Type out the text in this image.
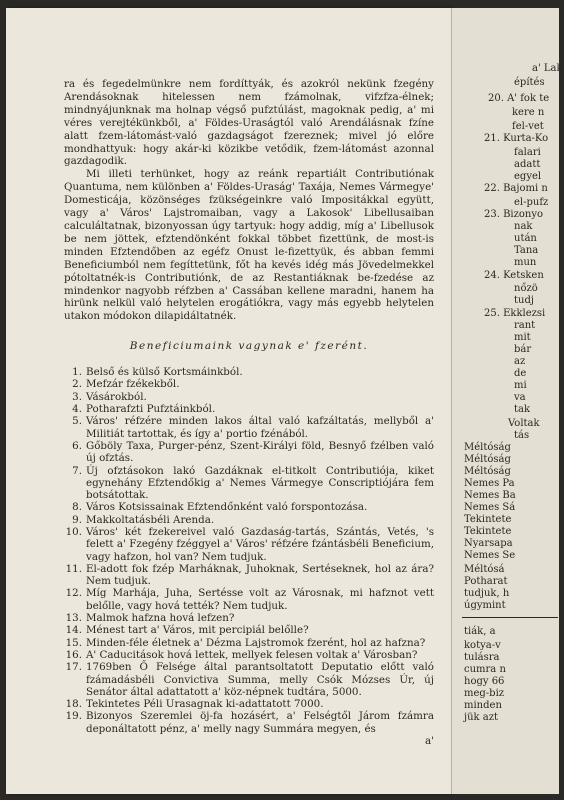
ra és fegedelmünkre nem fordíttyák, és azokról nekünk fzegény Arendásoknak hitelessen nem fzámolnak, vifzfza-élnek; mindnyájunknak ma holnap végső pufztúlást, magoknak pedig, a' mi véres verejtékünkből, a' Földes-Uraságtól való Arendálásnak fzíne alatt fzem-látomást-való gazdagságot fzereznek; mivel jó előre mondhattyuk: hogy akár-ki közikbe vetődik, fzem-látomást azonnal gazdagodik.

Mi illeti terhünket, hogy az reánk repartiált Contributiónak Quantuma, nem különben a' Földes-Uraság' Taxája, Nemes Vármegye' Domesticája, közönséges fzükségeinkre való Impositákkal együtt, vagy a' Város' Lajstromaiban, vagy a Lakosok' Libellusaiban calculáltatnak, bizonyossan úgy tartyuk: hogy addig, míg a' Libellusok be nem jöttek, efztendönként fokkal többet fizettünk, de most-is minden Efztendőben az egéfz Onust le-fizettyük, és abban femmi Beneficiumból nem fegíttetünk, főt ha kevés idég más Jövedelmekkel pótoltatnék-is Contributiónk, de az Restantiáknak be-fzedése az mindenkor nagyobb réfzben a' Cassában kellene maradni, hanem ha hirünk nelkül való helytelen erogátiókra, vagy más egyebb helytelen utakon módokon dilapidáltatnék.

Beneficiumaink vagynak e' fzerént.

1. Belső és külső Kortsmáinkból.
2. Mefzár fzékekből.
3. Vásárokból.
4. Potharafzti Pufztáinkból.
5. Város' réfzére minden lakos által való kafzáltatás, mellyből a' Militiát tartottak, és így a' portio fzénából.
6. Gőböly Taxa, Purger-pénz, Szent-Királyi föld, Besnyő fzélben való új ofztás.
7. Új ofztásokon lakó Gazdáknak el-titkolt Contributiója, kiket egynehány Efztendőkig a' Nemes Vármegye Conscriptiójára fem botsátottak.
8. Város Kotsissainak Efztendőnként való forspontozása.
9. Makkoltatásbéli Arenda.
10. Város' két fzekereivel való Gazdaság-tartás, Szántás, Vetés, 's felett a' Fzegény fzéggyel a' Város' réfzére fzántásbéli Beneficium, vagy hafzon, hol van? Nem tudjuk.
11. El-adott fok fzép Marháknak, Juhoknak, Sertéseknek, hol az ára? Nem tudjuk.
12. Míg Marhája, Juha, Sertésse volt az Városnak, mi hafznot vett belőlle, vagy hová tették? Nem tudjuk.
13. Malmok hafzna hová lefzen?
14. Ménest tart a' Város, mit percipiál belőlle?
15. Minden-féle életnek a' Dézma Lajstromok fzerént, hol az hafzna?
16. A' Caducitások hová lettek, mellyek felesen voltak a' Városban?
17. 1769ben Ő Felsége által parantsoltatott Deputatio előtt való fzámadásbéli Convictiva Summa, melly Csók Mózses Úr, új Senátor által adattatott a' köz-népnek tudtára, 5000.
18. Tekintetes Péli Urasagnak ki-adattatott 7000.
19. Bizonyos Szeremlei öj-fa hozásért, a' Felségtől Járom fzámra deponáltatott pénz, a' melly nagy Summára megyen, és

a'

a' Lak
építés
20. A' fok te
kere n
fel-vet
21. Kurta-Ko
falari
adatt
egyel
22. Bajomi n
el-pufz
23. Bizonyo
nak
után
Tana
mun
24. Ketsken
nőzö
tudj
25. Ekklezsi
rant
mit
bár
az
de
mi
va
tak
Voltak
tás
Méltóság
Méltóság
Méltóság
Nemes Pa
Nemes Ba
Nemes Sá
Tekintete
Tekintete
Nyarsapa
Nemes Se
Méltósá
Potharat
tudjuk, h
úgymint
tiák, a
kotya-v
tulásra
cumra n
hogy 66
meg-biz
minden
jük azt
